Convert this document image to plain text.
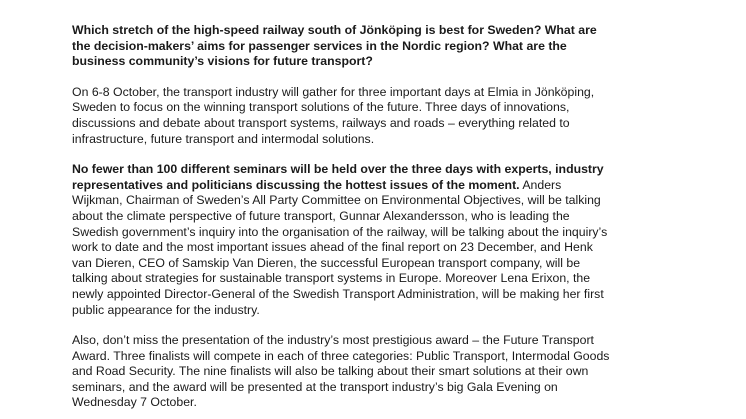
Which stretch of the high-speed railway south of Jönköping is best for Sweden? What are
the decision-makers’ aims for passenger services in the Nordic region? What are the
business community’s visions for future transport?

On 6-8 October, the transport industry will gather for three important days at Elmia in Jönköping,
Sweden to focus on the winning transport solutions of the future. Three days of innovations,
discussions and debate about transport systems, railways and roads – everything related to
infrastructure, future transport and intermodal solutions.

No fewer than 100 different seminars will be held over the three days with experts, industry
representatives and politicians discussing the hottest issues of the moment. Anders
Wijkman, Chairman of Sweden’s All Party Committee on Environmental Objectives, will be talking
about the climate perspective of future transport, Gunnar Alexandersson, who is leading the
Swedish government’s inquiry into the organisation of the railway, will be talking about the inquiry’s
work to date and the most important issues ahead of the final report on 23 December, and Henk
van Dieren, CEO of Samskip Van Dieren, the successful European transport company, will be
talking about strategies for sustainable transport systems in Europe. Moreover Lena Erixon, the
newly appointed Director-General of the Swedish Transport Administration, will be making her first
public appearance for the industry.

Also, don’t miss the presentation of the industry’s most prestigious award – the Future Transport
Award. Three finalists will compete in each of three categories: Public Transport, Intermodal Goods
and Road Security. The nine finalists will also be talking about their smart solutions at their own
seminars, and the award will be presented at the transport industry’s big Gala Evening on
Wednesday 7 October.
